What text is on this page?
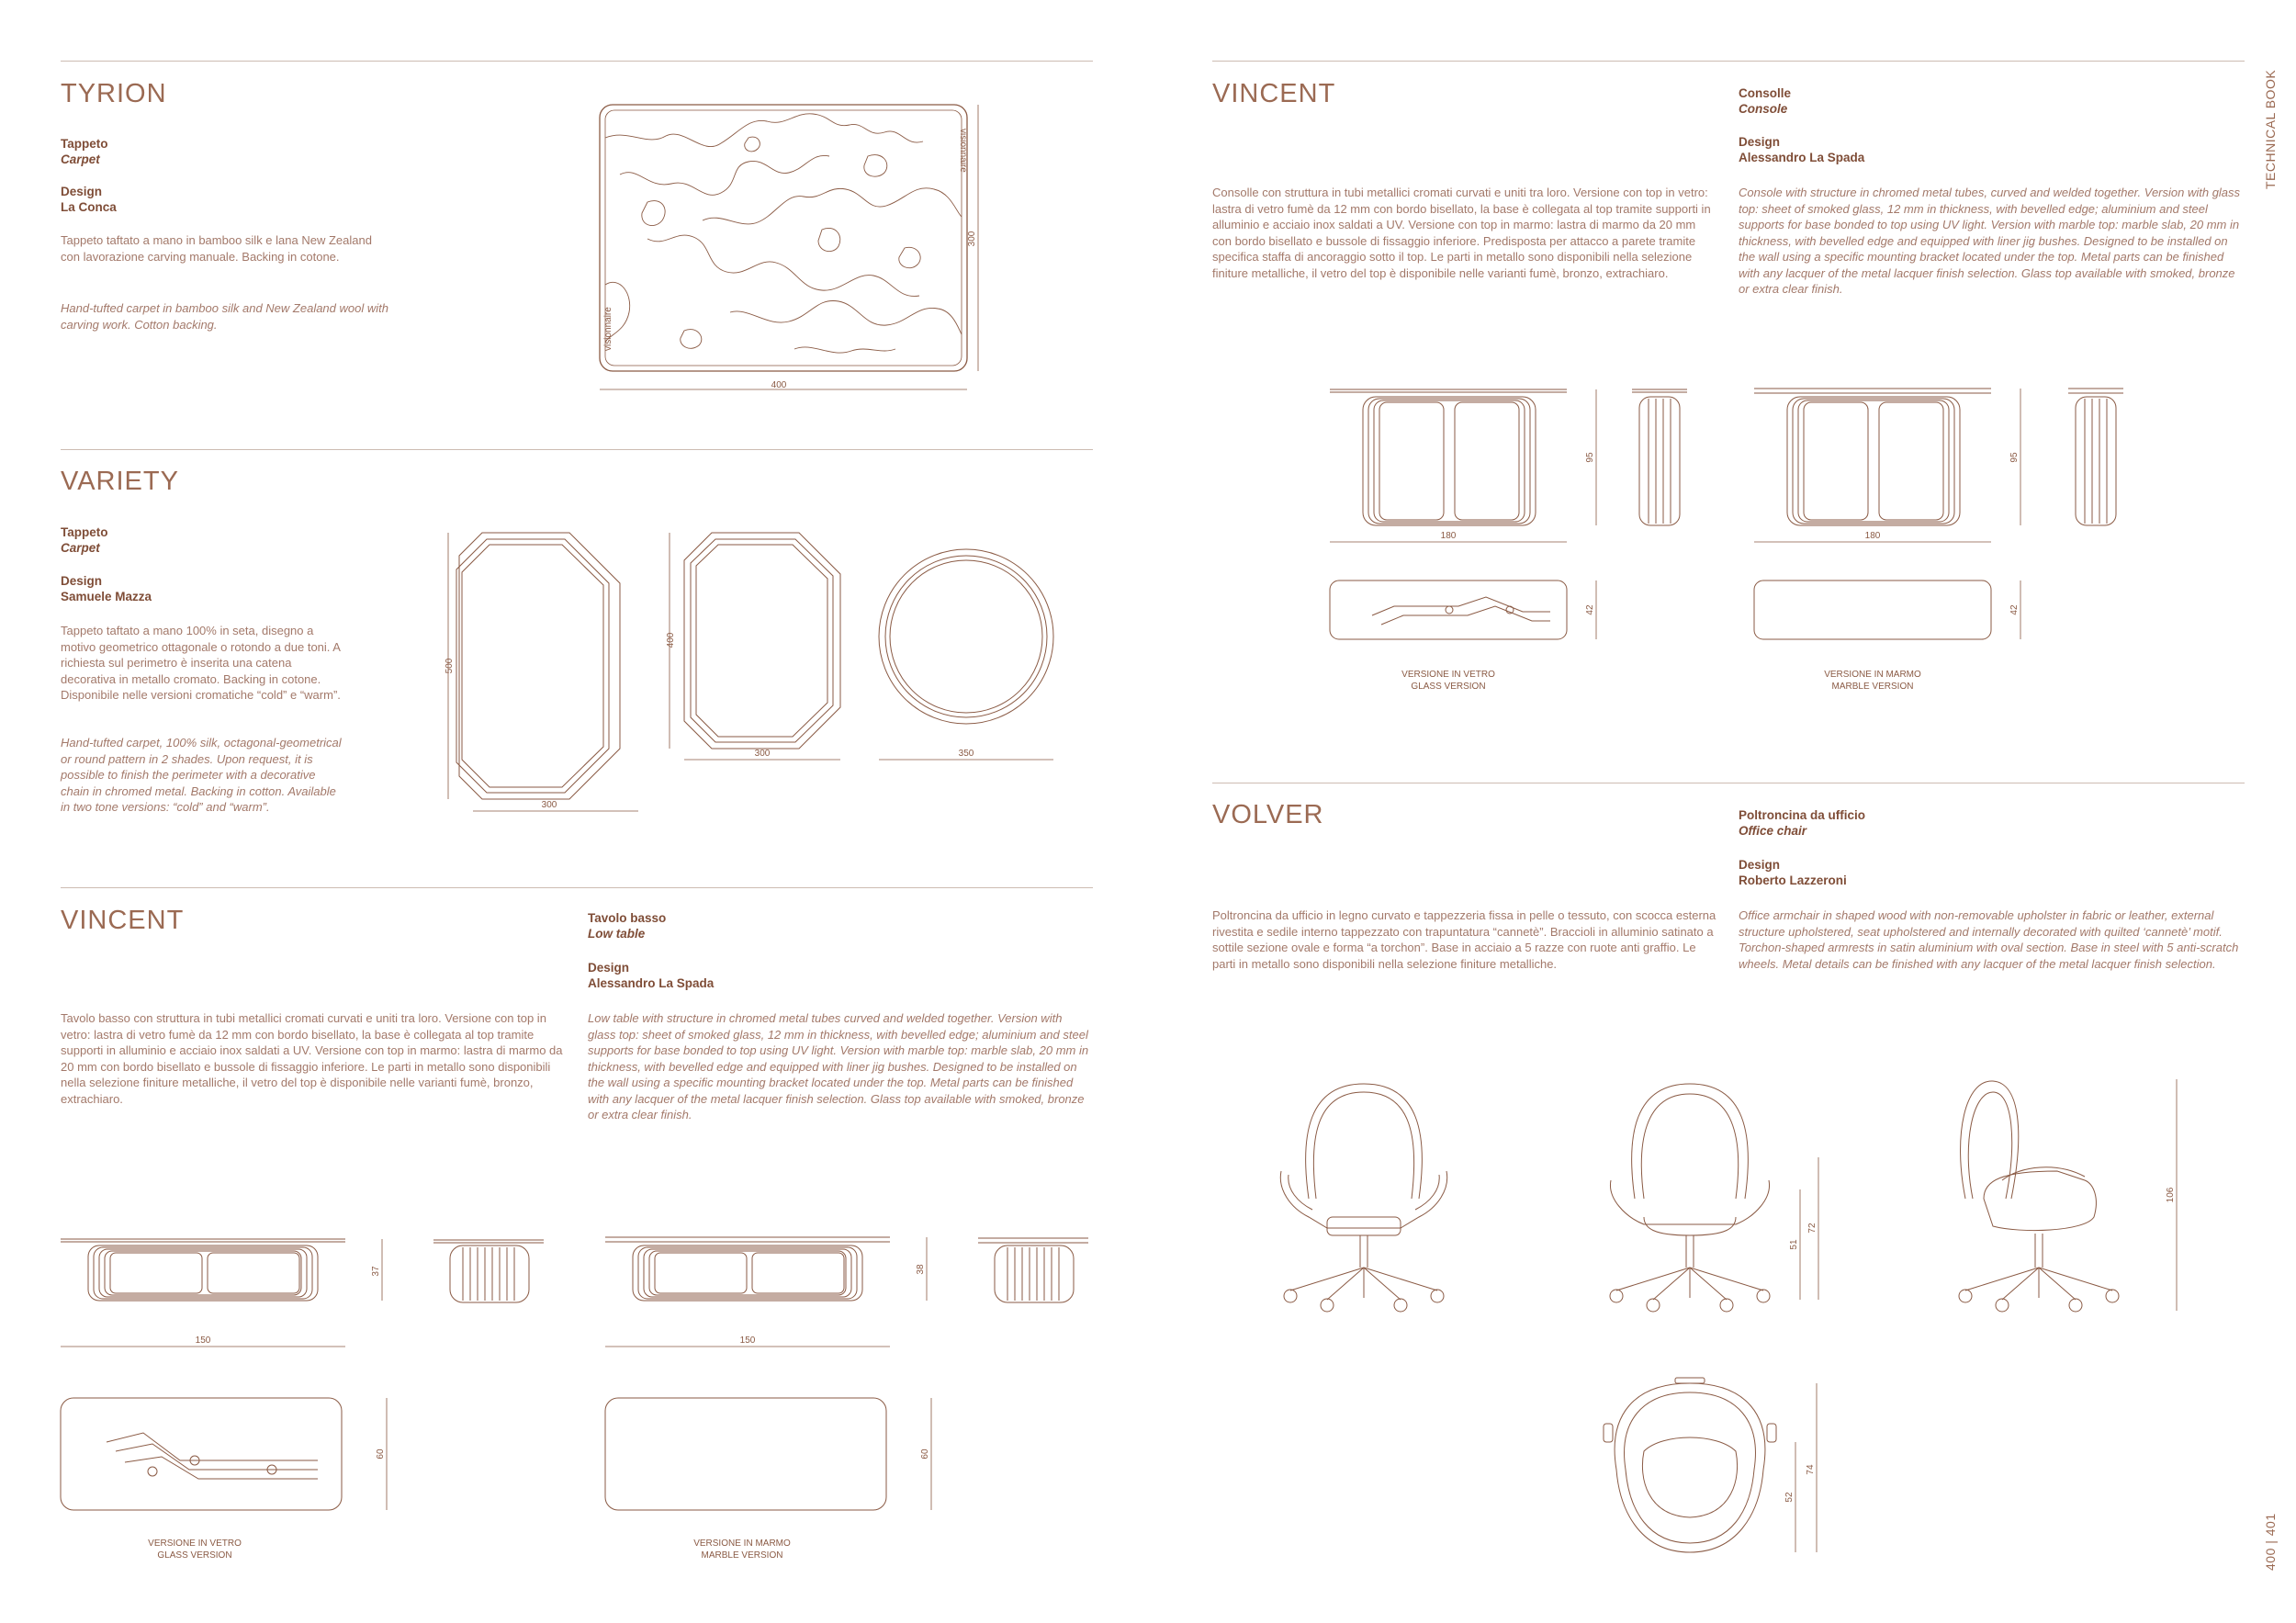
TYRION
Tappeto
Carpet
Design
La Conca

Tappeto taftato a mano in bamboo silk e lana New Zealand con lavorazione carving manuale. Backing in cotone.

Hand-tufted carpet in bamboo silk and New Zealand wool with carving work. Cotton backing.

visionnaire
visionnaire
400
300
VARIETY
Tappeto
Carpet
Design
Samuele Mazza

Tappeto taftato a mano 100% in seta, disegno a motivo geometrico ottagonale o rotondo a due toni. A richiesta sul perimetro è inserita una catena decorativa in metallo cromato. Backing in cotone. Disponibile nelle versioni cromatiche “cold” e “warm”.

Hand-tufted carpet, 100% silk, octagonal-geometrical or round pattern in 2 shades. Upon request, it is possible to finish the perimeter with a decorative chain in chromed metal. Backing in cotton. Available in two tone versions: “cold” and “warm”.

500
300
400
300	350
VINCENT	Tavolo basso
Low table
Design
Alessandro La Spada

Tavolo basso con struttura in tubi metallici cromati curvati e uniti tra loro. Versione con top in vetro: lastra di vetro fumè da 12 mm con bordo bisellato, la base è collegata al top tramite supporti in alluminio e acciaio inox saldati a UV. Versione con top in marmo: lastra di marmo da 20 mm con bordo bisellato e bussole di fissaggio inferiore. Le parti in metallo sono disponibili nella selezione finiture metalliche, il vetro del top è disponibile nelle varianti fumè, bronzo, extrachiaro.

Low table with structure in chromed metal tubes curved and welded together. Version with glass top: sheet of smoked glass, 12 mm in thickness, with bevelled edge; aluminium and steel supports for base bonded to top using UV light. Version with marble top: marble slab, 20 mm in thickness, with bevelled edge and equipped with liner jig bushes. Designed to be installed on the wall using a specific mounting bracket located under the top. Metal parts can be finished with any lacquer of the metal lacquer finish selection. Glass top available with smoked, bronze or extra clear finish.

150
37
60
VERSIONE IN VETRO
GLASS VERSION
150
38
60
VERSIONE IN MARMO
MARBLE VERSION
VINCENT	Consolle
Console
Design
Alessandro La Spada

Consolle con struttura in tubi metallici cromati curvati e uniti tra loro. Versione con top in vetro: lastra di vetro fumè da 12 mm con bordo bisellato, la base è collegata al top tramite supporti in alluminio e acciaio inox saldati a UV. Versione con top in marmo: lastra di marmo da 20 mm con bordo bisellato e bussole di fissaggio inferiore. Predisposta per attacco a parete tramite specifica staffa di ancoraggio sotto il top. Le parti in metallo sono disponibili nella selezione finiture metalliche, il vetro del top è disponibile nelle varianti fumè, bronzo, extrachiaro.

Console with structure in chromed metal tubes, curved and welded together. Version with glass top: sheet of smoked glass, 12 mm in thickness, with bevelled edge; aluminium and steel supports for base bonded to top using UV light. Version with marble top: marble slab, 20 mm in thickness, with bevelled edge and equipped with liner jig bushes. Designed to be installed on the wall using a specific mounting bracket located under the top. Metal parts can be finished with any lacquer of the metal lacquer finish selection. Glass top available with smoked, bronze or extra clear finish.

180
95
42
VERSIONE IN VETRO
GLASS VERSION
180
95
42
VERSIONE IN MARMO
MARBLE VERSION
VOLVER	Poltroncina da ufficio
Office chair
Design
Roberto Lazzeroni

Poltroncina da ufficio in legno curvato e tappezzeria fissa in pelle o tessuto, con scocca esterna rivestita e sedile interno tappezzato con trapuntatura “cannetè”. Braccioli in alluminio satinato a sottile sezione ovale e forma “a torchon”. Base in acciaio a 5 razze con ruote anti graffio. Le parti in metallo sono disponibili nella selezione finiture metalliche.

Office armchair in shaped wood with non-removable upholster in fabric or leather, external structure upholstered, seat upholstered and internally decorated with quilted ‘cannetè’ motif. Torchon-shaped armrests in satin aluminium with oval section. Base in steel with 5 anti-scratch wheels. Metal details can be finished with any lacquer of the metal lacquer finish selection.

51
72
106
52
74
TECHNICAL BOOK
400 | 401
